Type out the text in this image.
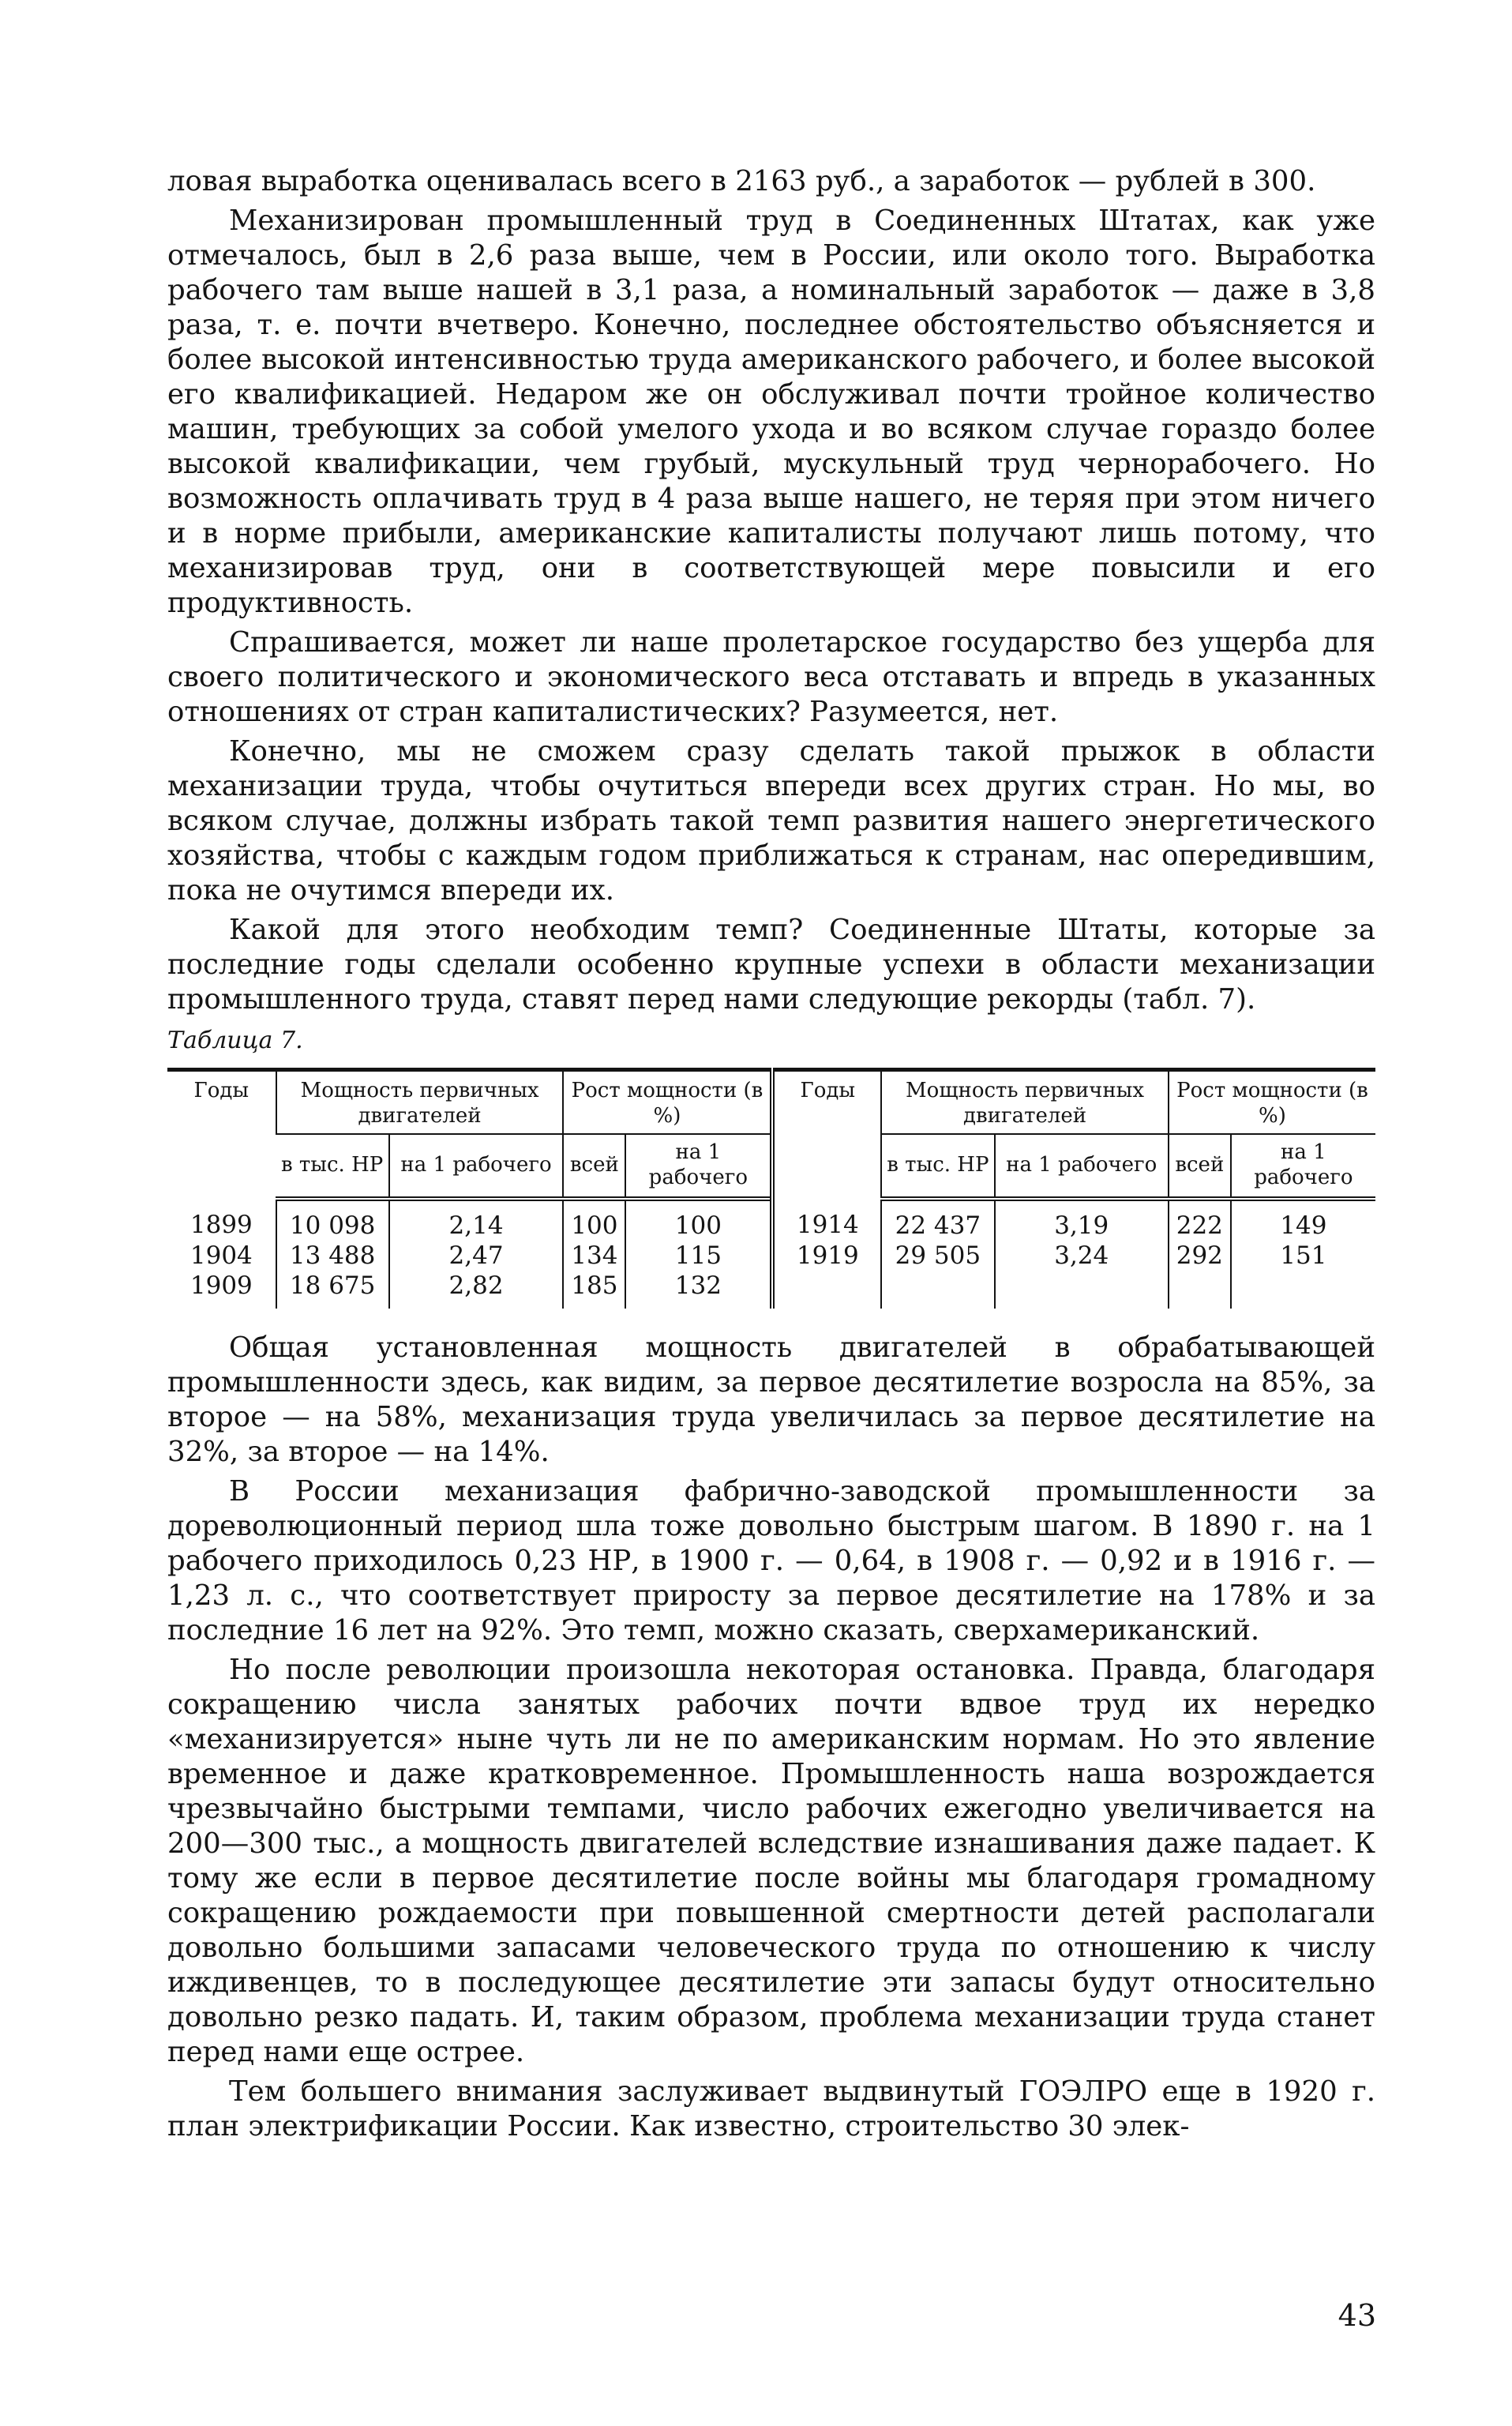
ловая выработка оценивалась всего в 2163 руб., а заработок — рублей в 300.

Механизирован промышленный труд в Соединенных Штатах, как уже отмечалось, был в 2,6 раза выше, чем в России, или около того. Выработка рабочего там выше нашей в 3,1 раза, а номинальный заработок — даже в 3,8 раза, т. е. почти вчетверо. Конечно, последнее обстоятельство объясняется и более высокой интенсивностью труда американского рабочего, и более высокой его квалификацией. Недаром же он обслуживал почти тройное количество машин, требующих за собой умелого ухода и во всяком случае гораздо более высокой квалификации, чем грубый, мускульный труд чернорабочего. Но возможность оплачивать труд в 4 раза выше нашего, не теряя при этом ничего и в норме прибыли, американские капиталисты получают лишь потому, что механизировав труд, они в соответствующей мере повысили и его продуктивность.

Спрашивается, может ли наше пролетарское государство без ущерба для своего политического и экономического веса отставать и впредь в указанных отношениях от стран капиталистических? Разумеется, нет.

Конечно, мы не сможем сразу сделать такой прыжок в области механизации труда, чтобы очутиться впереди всех других стран. Но мы, во всяком случае, должны избрать такой темп развития нашего энергетического хозяйства, чтобы с каждым годом приближаться к странам, нас опередившим, пока не очутимся впереди их.

Какой для этого необходим темп? Соединенные Штаты, которые за последние годы сделали особенно крупные успехи в области механизации промышленного труда, ставят перед нами следующие рекорды (табл. 7).

Таблица 7.
Годы	Мощность первичных двигателей		Рост мощности (в %)		Годы	Мощность первичных двигателей		Рост мощности (в %)	
	в тыс. НР	на 1 рабочего	всей	на 1 рабочего		в тыс. НР	на 1 рабочего	всей	на 1 рабочего
1899	10 098	2,14	100	100	1914	22 437	3,19	222	149
1904	13 488	2,47	134	115	1919	29 505	3,24	292	151
1909	18 675	2,82	185	132					

Общая установленная мощность двигателей в обрабатывающей промышленности здесь, как видим, за первое десятилетие возросла на 85%, за второе — на 58%, механизация труда увеличилась за первое десятилетие на 32%, за второе — на 14%.

В России механизация фабрично-заводской промышленности за дореволюционный период шла тоже довольно быстрым шагом. В 1890 г. на 1 рабочего приходилось 0,23 НР, в 1900 г. — 0,64, в 1908 г. — 0,92 и в 1916 г. — 1,23 л. с., что соответствует приросту за первое десятилетие на 178% и за последние 16 лет на 92%. Это темп, можно сказать, сверхамериканский.

Но после революции произошла некоторая остановка. Правда, благодаря сокращению числа занятых рабочих почти вдвое труд их нередко «механизируется» ныне чуть ли не по американским нормам. Но это явление временное и даже кратковременное. Промышленность наша возрождается чрезвычайно быстрыми темпами, число рабочих ежегодно увеличивается на 200—300 тыс., а мощность двигателей вследствие изнашивания даже падает. К тому же если в первое десятилетие после войны мы благодаря громадному сокращению рождаемости при повышенной смертности детей располагали довольно большими запасами человеческого труда по отношению к числу иждивенцев, то в последующее десятилетие эти запасы будут относительно довольно резко падать. И, таким образом, проблема механизации труда станет перед нами еще острее.

Тем большего внимания заслуживает выдвинутый ГОЭЛРО еще в 1920 г. план электрификации России. Как известно, строительство 30 элек-

43
